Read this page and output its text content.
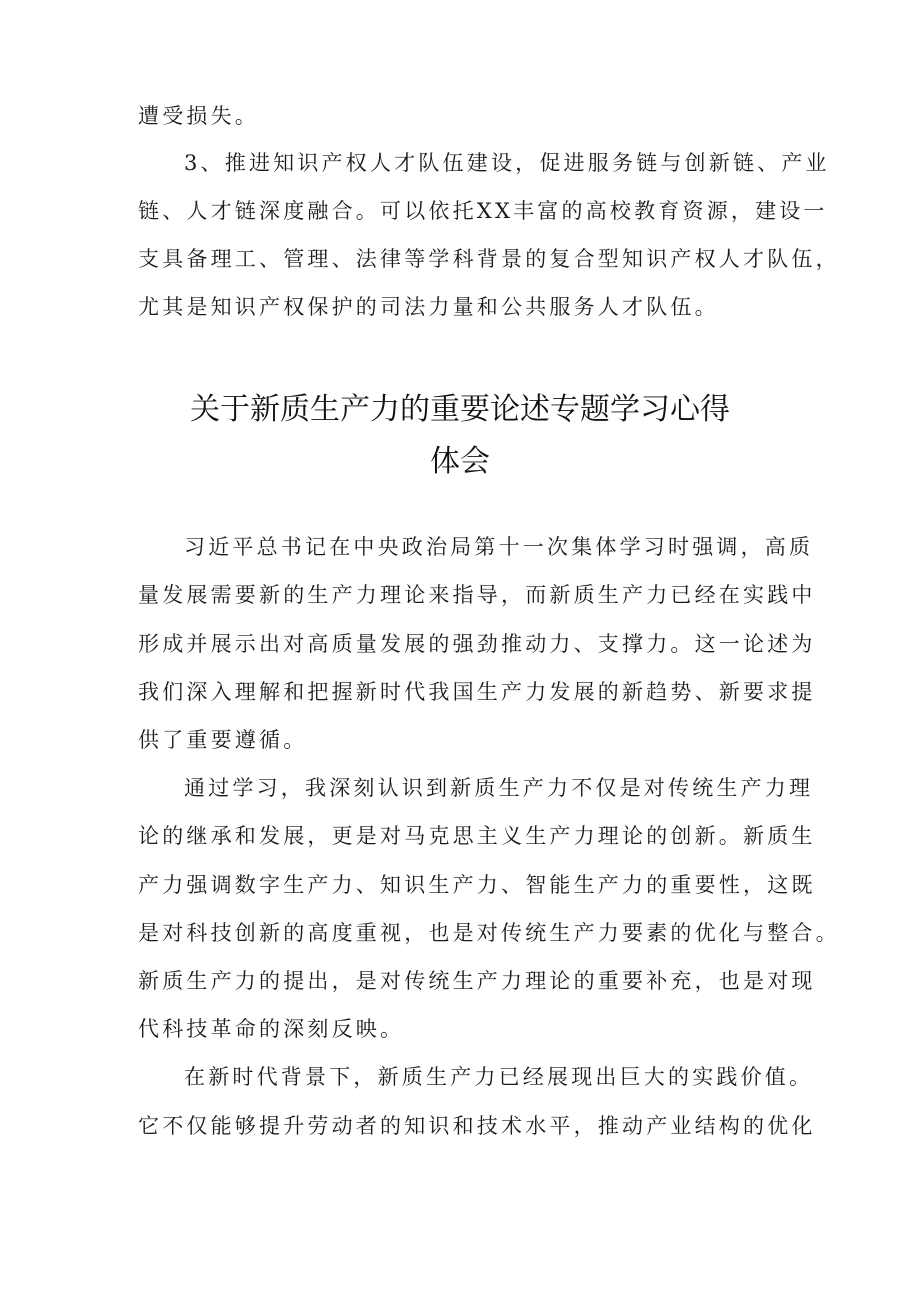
遭受损失。
3、推进知识产权人才队伍建设，促进服务链与创新链、产业
链、人才链深度融合。可以依托XX丰富的高校教育资源，建设一
支具备理工、管理、法律等学科背景的复合型知识产权人才队伍，
尤其是知识产权保护的司法力量和公共服务人才队伍。
关于新质生产力的重要论述专题学习心得
体会
习近平总书记在中央政治局第十一次集体学习时强调，高质
量发展需要新的生产力理论来指导，而新质生产力已经在实践中
形成并展示出对高质量发展的强劲推动力、支撑力。这一论述为
我们深入理解和把握新时代我国生产力发展的新趋势、新要求提
供了重要遵循。
通过学习，我深刻认识到新质生产力不仅是对传统生产力理
论的继承和发展，更是对马克思主义生产力理论的创新。新质生
产力强调数字生产力、知识生产力、智能生产力的重要性，这既
是对科技创新的高度重视，也是对传统生产力要素的优化与整合。
新质生产力的提出，是对传统生产力理论的重要补充，也是对现
代科技革命的深刻反映。
在新时代背景下，新质生产力已经展现出巨大的实践价值。
它不仅能够提升劳动者的知识和技术水平，推动产业结构的优化
